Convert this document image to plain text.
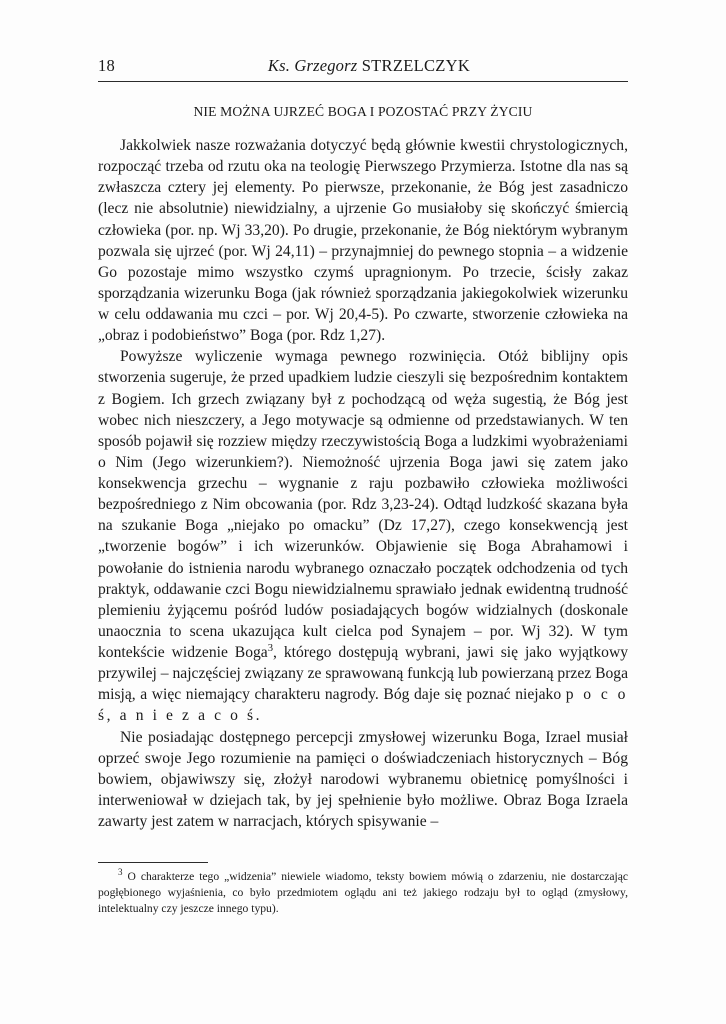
18	Ks. Grzegorz STRZELCZYK
NIE MOŻNA UJRZEĆ BOGA I POZOSTAĆ PRZY ŻYCIU

Jakkolwiek nasze rozważania dotyczyć będą głównie kwestii chrystologicznych, rozpocząć trzeba od rzutu oka na teologię Pierwszego Przymierza. Istotne dla nas są zwłaszcza cztery jej elementy. Po pierwsze, przekonanie, że Bóg jest zasadniczo (lecz nie absolutnie) niewidzialny, a ujrzenie Go musiałoby się skończyć śmiercią człowieka (por. np. Wj 33,20). Po drugie, przekonanie, że Bóg niektórym wybranym pozwala się ujrzeć (por. Wj 24,11) – przynajmniej do pewnego stopnia – a widzenie Go pozostaje mimo wszystko czymś upragnionym. Po trzecie, ścisły zakaz sporządzania wizerunku Boga (jak również sporządzania jakiegokolwiek wizerunku w celu oddawania mu czci – por. Wj 20,4-5). Po czwarte, stworzenie człowieka na „obraz i podobieństwo” Boga (por. Rdz 1,27).

Powyższe wyliczenie wymaga pewnego rozwinięcia. Otóż biblijny opis stworzenia sugeruje, że przed upadkiem ludzie cieszyli się bezpośrednim kontaktem z Bogiem. Ich grzech związany był z pochodzącą od węża sugestią, że Bóg jest wobec nich nieszczery, a Jego motywacje są odmienne od przedstawianych. W ten sposób pojawił się rozziew między rzeczywistością Boga a ludzkimi wyobrażeniami o Nim (Jego wizerunkiem?). Niemożność ujrzenia Boga jawi się zatem jako konsekwencja grzechu – wygnanie z raju pozbawiło człowieka możliwości bezpośredniego z Nim obcowania (por. Rdz 3,23-24). Odtąd ludzkość skazana była na szukanie Boga „niejako po omacku” (Dz 17,27), czego konsekwencją jest „tworzenie bogów” i ich wizerunków. Objawienie się Boga Abrahamowi i powołanie do istnienia narodu wybranego oznaczało początek odchodzenia od tych praktyk, oddawanie czci Bogu niewidzialnemu sprawiało jednak ewidentną trudność plemieniu żyjącemu pośród ludów posiadających bogów widzialnych (doskonale unaocznia to scena ukazująca kult cielca pod Synajem – por. Wj 32). W tym kontekście widzenie Boga$^3$, którego dostępują wybrani, jawi się jako wyjątkowy przywilej – najczęściej związany ze sprawowaną funkcją lub powierzaną przez Boga misją, a więc niemający charakteru nagrody. Bóg daje się poznać niejako p o c o ś, a n i e z a c o ś.

Nie posiadając dostępnego percepcji zmysłowej wizerunku Boga, Izrael musiał oprzeć swoje Jego rozumienie na pamięci o doświadczeniach historycznych – Bóg bowiem, objawiwszy się, złożył narodowi wybranemu obietnicę pomyślności i interweniował w dziejach tak, by jej spełnienie było możliwe. Obraz Boga Izraela zawarty jest zatem w narracjach, których spisywanie –

$^3$ O charakterze tego „widzenia” niewiele wiadomo, teksty bowiem mówią o zdarzeniu, nie dostarczając pogłębionego wyjaśnienia, co było przedmiotem oglądu ani też jakiego rodzaju był to ogląd (zmysłowy, intelektualny czy jeszcze innego typu).
